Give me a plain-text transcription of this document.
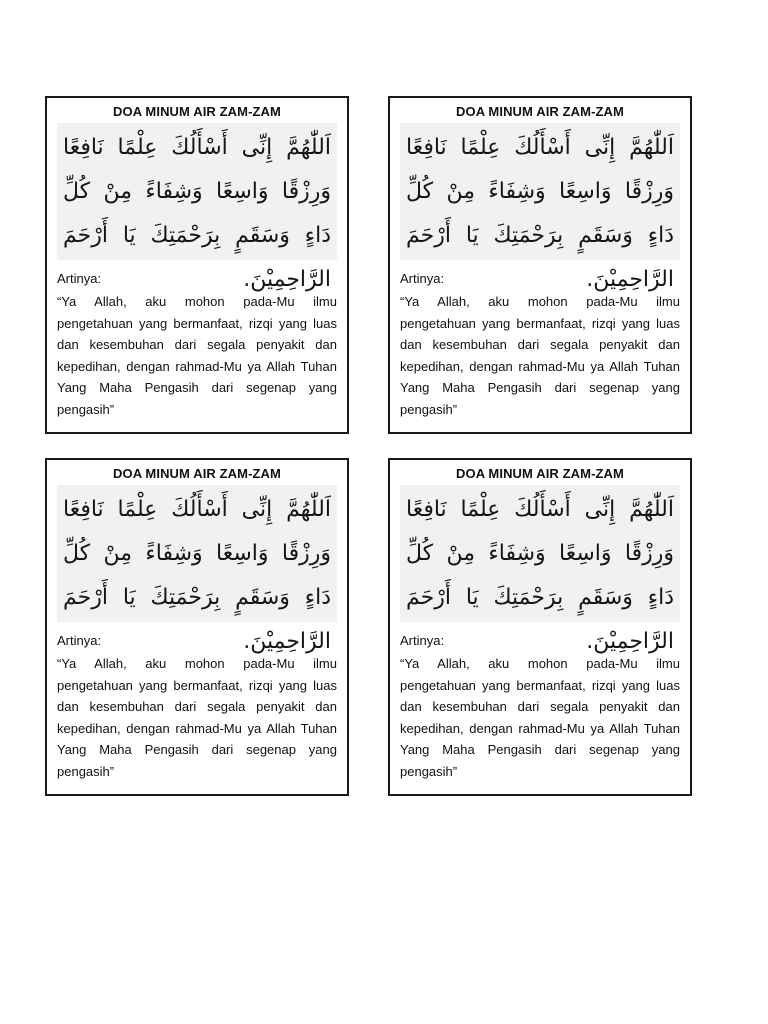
DOA MINUM AIR ZAM-ZAM
اَللّٰهُمَّ إِنِّى أَسْأَلُكَ عِلْمًا نَافِعًا وَرِزْقًا وَاسِعًا وَشِفَاءً مِنْ كُلِّ دَاءٍ وَسَقَمٍ بِرَحْمَتِكَ يَا أَرْحَمَ الرَّاحِمِيْنَ.
Artinya:
“Ya Allah, aku mohon pada-Mu ilmu pengetahuan yang bermanfaat, rizqi yang luas dan kesembuhan dari segala penyakit dan kepedihan, dengan rahmad-Mu ya Allah Tuhan Yang Maha Pengasih dari segenap yang pengasih”
DOA MINUM AIR ZAM-ZAM
اَللّٰهُمَّ إِنِّى أَسْأَلُكَ عِلْمًا نَافِعًا وَرِزْقًا وَاسِعًا وَشِفَاءً مِنْ كُلِّ دَاءٍ وَسَقَمٍ بِرَحْمَتِكَ يَا أَرْحَمَ الرَّاحِمِيْنَ.
Artinya:
“Ya Allah, aku mohon pada-Mu ilmu pengetahuan yang bermanfaat, rizqi yang luas dan kesembuhan dari segala penyakit dan kepedihan, dengan rahmad-Mu ya Allah Tuhan Yang Maha Pengasih dari segenap yang pengasih”
DOA MINUM AIR ZAM-ZAM
اَللّٰهُمَّ إِنِّى أَسْأَلُكَ عِلْمًا نَافِعًا وَرِزْقًا وَاسِعًا وَشِفَاءً مِنْ كُلِّ دَاءٍ وَسَقَمٍ بِرَحْمَتِكَ يَا أَرْحَمَ الرَّاحِمِيْنَ.
Artinya:
“Ya Allah, aku mohon pada-Mu ilmu pengetahuan yang bermanfaat, rizqi yang luas dan kesembuhan dari segala penyakit dan kepedihan, dengan rahmad-Mu ya Allah Tuhan Yang Maha Pengasih dari segenap yang pengasih”
DOA MINUM AIR ZAM-ZAM
اَللّٰهُمَّ إِنِّى أَسْأَلُكَ عِلْمًا نَافِعًا وَرِزْقًا وَاسِعًا وَشِفَاءً مِنْ كُلِّ دَاءٍ وَسَقَمٍ بِرَحْمَتِكَ يَا أَرْحَمَ الرَّاحِمِيْنَ.
Artinya:
“Ya Allah, aku mohon pada-Mu ilmu pengetahuan yang bermanfaat, rizqi yang luas dan kesembuhan dari segala penyakit dan kepedihan, dengan rahmad-Mu ya Allah Tuhan Yang Maha Pengasih dari segenap yang pengasih”
